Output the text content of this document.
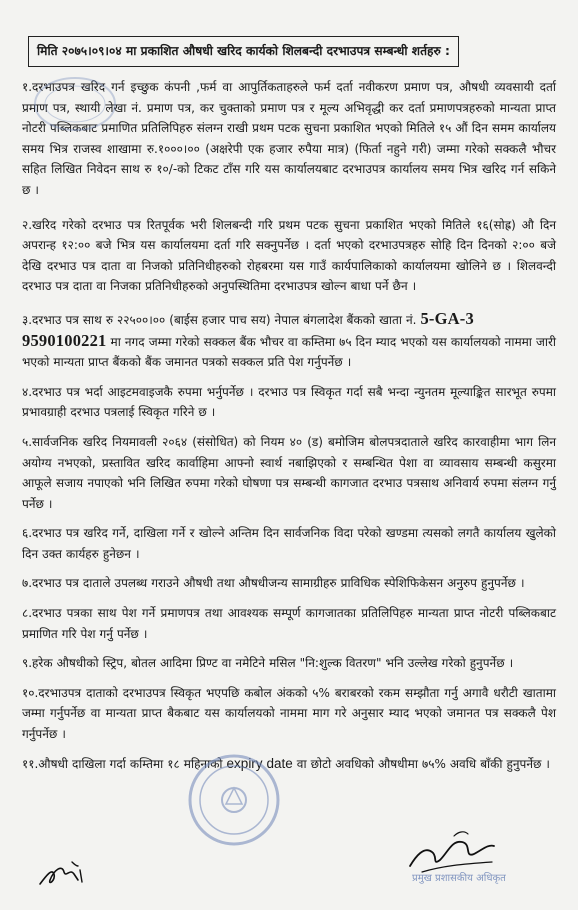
मिति २०७५।०९।०४ मा प्रकाशित औषधी खरिद कार्यको शिलबन्दी दरभाउपत्र सम्बन्धी शर्तहरु :

१.दरभाउपत्र खरिद गर्न इच्छुक कंपनी ,फर्म वा आपुर्तिकताहरुले फर्म दर्ता नवीकरण प्रमाण पत्र, औषधी व्यवसायी दर्ता प्रमाण पत्र, स्थायी लेखा नं. प्रमाण पत्र, कर चुक्ताको प्रमाण पत्र र मूल्य अभिवृद्धी कर दर्ता प्रमाणपत्रहरुको मान्यता प्राप्त नोटरी पब्लिकबाट प्रमाणित प्रतिलिपिहरु संलग्न राखी प्रथम पटक सुचना प्रकाशित भएको मितिले १५ औं दिन समम कार्यालय समय भित्र राजस्व शाखामा रु.१०००।०० (अक्षरेपी एक हजार रुपैया मात्र) (फिर्ता नहुने गरी) जम्मा गरेको सक्कलै भौचर सहित लिखित निवेदन साथ रु १०/-को टिकट टाँस गरि यस कार्यालयबाट दरभाउपत्र कार्यालय समय भित्र खरिद गर्न सकिने छ ।

२.खरिद गरेको दरभाउ पत्र रितपूर्वक भरी शिलबन्दी गरि प्रथम पटक सुचना प्रकाशित भएको मितिले १६(सोह्र) औ दिन अपरान्ह १२:०० बजे भित्र यस कार्यालयमा दर्ता गरि सक्नुपर्नेछ । दर्ता भएको दरभाउपत्रहरु सोहि दिन दिनको २:०० बजे देखि दरभाउ पत्र दाता वा निजको प्रतिनिधीहरुको रोहबरमा यस गाउँ कार्यपालिकाको कार्यालयमा खोलिने छ । शिलवन्दी दरभाउ पत्र दाता वा निजका प्रतिनिधीहरुको अनुपस्थितिमा दरभाउपत्र खोल्न बाधा पर्ने छैन ।

३.दरभाउ पत्र साथ रु २२५००।०० (बाईस हजार पाच सय) नेपाल बंगलादेश बैंकको खाता नं. 5-GA-3
9590100221 मा नगद जम्मा गरेको सक्कल बैंक भौचर वा कम्तिमा ७५ दिन म्याद भएको यस कार्यालयको नाममा जारी भएको मान्यता प्राप्त बैंकको बैंक जमानत पत्रको सक्कल प्रति पेश गर्नुपर्नेछ ।

४.दरभाउ पत्र भर्दा आइटमवाइजकै रुपमा भर्नुपर्नेछ । दरभाउ पत्र स्विकृत गर्दा सबै भन्दा न्युनतम मूल्याङ्कित सारभूत रुपमा प्रभावग्राही दरभाउ पत्रलाई स्विकृत गरिने छ ।

५.सार्वजनिक खरिद नियमावली २०६४ (संसोधित) को नियम ४० (ड) बमोजिम बोलपत्रदाताले खरिद कारवाहीमा भाग लिन अयोग्य नभएको, प्रस्तावित खरिद कार्वाहिमा आफ्नो स्वार्थ नबाझिएको र सम्बन्धित पेशा वा व्यावसाय सम्बन्धी कसुरमा आफूले सजाय नपाएको भनि लिखित रुपमा गरेको घोषणा पत्र सम्बन्धी कागजात दरभाउ पत्रसाथ अनिवार्य रुपमा संलग्न गर्नु पर्नेछ ।

६.दरभाउ पत्र खरिद गर्ने, दाखिला गर्ने र खोल्ने अन्तिम दिन सार्वजनिक विदा परेको खण्डमा त्यसको लगतै कार्यालय खुलेको दिन उक्त कार्यहरु हुनेछन ।

७.दरभाउ पत्र दाताले उपलब्ध गराउने औषधी तथा औषधीजन्य सामाग्रीहरु प्राविधिक स्पेशिफिकेसन अनुरुप हुनुपर्नेछ ।

८.दरभाउ पत्रका साथ पेश गर्ने प्रमाणपत्र तथा आवश्यक सम्पूर्ण कागजातका प्रतिलिपिहरु मान्यता प्राप्त नोटरी पब्लिकबाट प्रमाणित गरि पेश गर्नु पर्नेछ ।

९.हरेक औषधीको स्ट्रिप, बोतल आदिमा प्रिण्ट वा नमेटिने मसिल "नि:शुल्क वितरण" भनि उल्लेख गरेको हुनुपर्नेछ ।

१०.दरभाउपत्र दाताको दरभाउपत्र स्विकृत भएपछि कबोल अंकको ५% बराबरको रकम सम्झौता गर्नु अगावै धरौटी खातामा जम्मा गर्नुपर्नेछ वा मान्यता प्राप्त बैकबाट यस कार्यालयको नाममा माग गरे अनुसार म्याद भएको जमानत पत्र सक्कलै पेश गर्नुपर्नेछ ।

११.औषधी दाखिला गर्दा कम्तिमा १८ महिनाको expiry date वा छोटो अवधिको औषधीमा ७५% अवधि बाँकी हुनुपर्नेछ ।

प्रमुख प्रशासकीय अधिकृत
